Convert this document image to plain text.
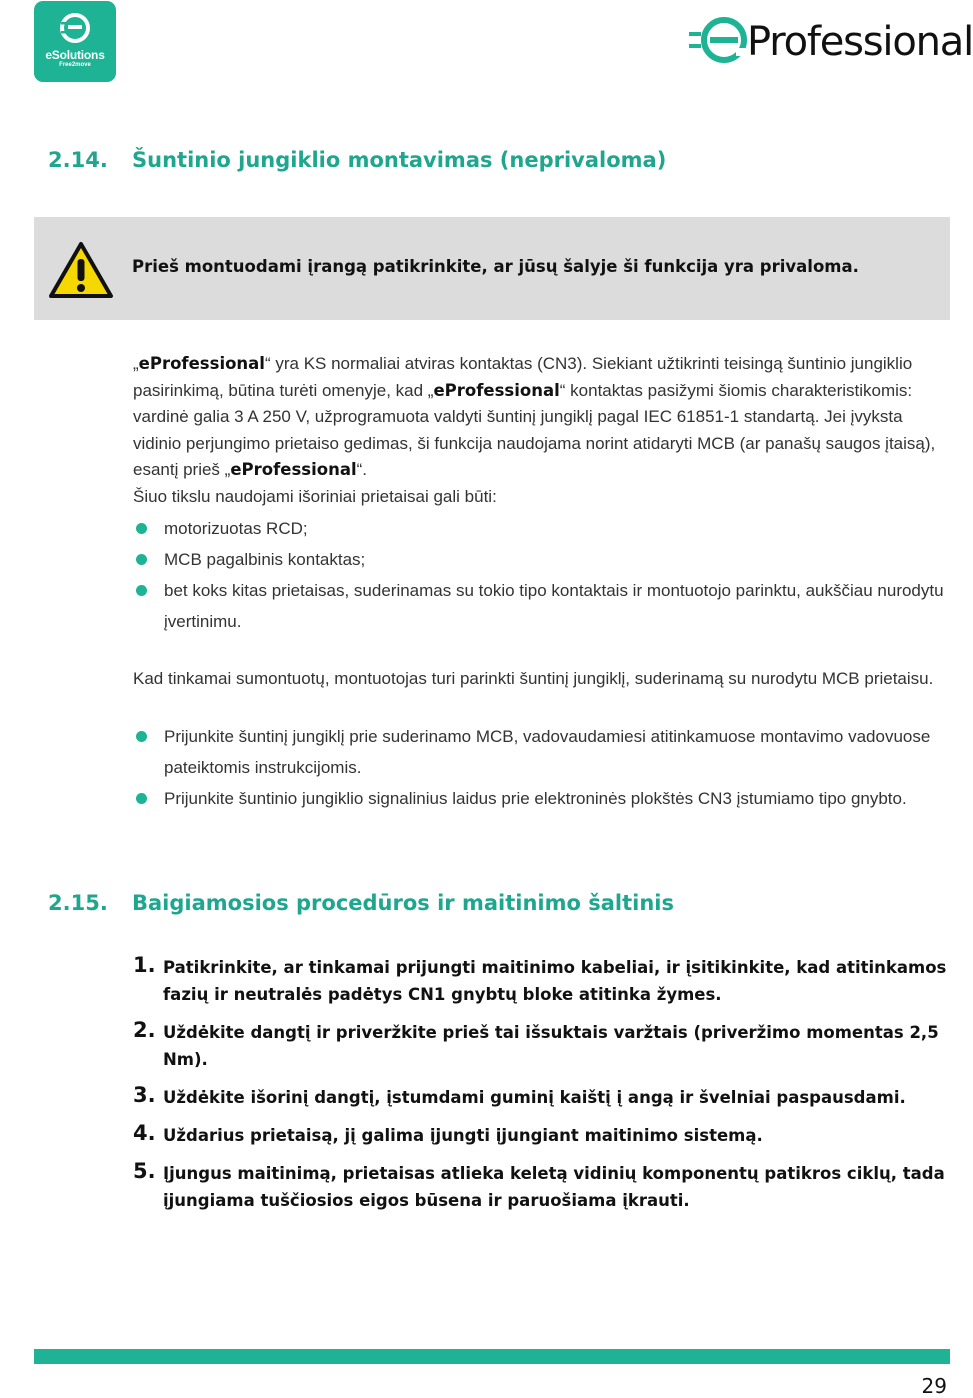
eSolutions
Free2move	Professional
2.14. Šuntinio jungiklio montavimas (neprivaloma)
Prieš montuodami įrangą patikrinkite, ar jūsų šalyje ši funkcija yra privaloma.
„eProfessional“ yra KS normaliai atviras kontaktas (CN3). Siekiant užtikrinti teisingą šuntinio jungiklio pasirinkimą, būtina turėti omenyje, kad „eProfessional“ kontaktas pasižymi šiomis charakteristikomis: vardinė galia 3 A 250 V, užprogramuota valdyti šuntinį jungiklį pagal IEC 61851-1 standartą. Jei įvyksta vidinio perjungimo prietaiso gedimas, ši funkcija naudojama norint atidaryti MCB (ar panašų saugos įtaisą), esantį prieš „eProfessional“.
Šiuo tikslu naudojami išoriniai prietaisai gali būti:
motorizuotas RCD;
MCB pagalbinis kontaktas;
bet koks kitas prietaisas, suderinamas su tokio tipo kontaktais ir montuotojo parinktu, aukščiau nurodytu įvertinimu.
Kad tinkamai sumontuotų, montuotojas turi parinkti šuntinį jungiklį, suderinamą su nurodytu MCB prietaisu.
Prijunkite šuntinį jungiklį prie suderinamo MCB, vadovaudamiesi atitinkamuose montavimo vadovuose pateiktomis instrukcijomis.
Prijunkite šuntinio jungiklio signalinius laidus prie elektroninės plokštės CN3 įstumiamo tipo gnybto.
2.15. Baigiamosios procedūros ir maitinimo šaltinis
1. Patikrinkite, ar tinkamai prijungti maitinimo kabeliai, ir įsitikinkite, kad atitinkamos fazių ir neutralės padėtys CN1 gnybtų bloke atitinka žymes.
2. Uždėkite dangtį ir priveržkite prieš tai išsuktais varžtais (priveržimo momentas 2,5 Nm).
3. Uždėkite išorinį dangtį, įstumdami guminį kaištį į angą ir švelniai paspausdami.
4. Uždarius prietaisą, jį galima įjungti įjungiant maitinimo sistemą.
5. Įjungus maitinimą, prietaisas atlieka keletą vidinių komponentų patikros ciklų, tada įjungiama tuščiosios eigos būsena ir paruošiama įkrauti.
29
